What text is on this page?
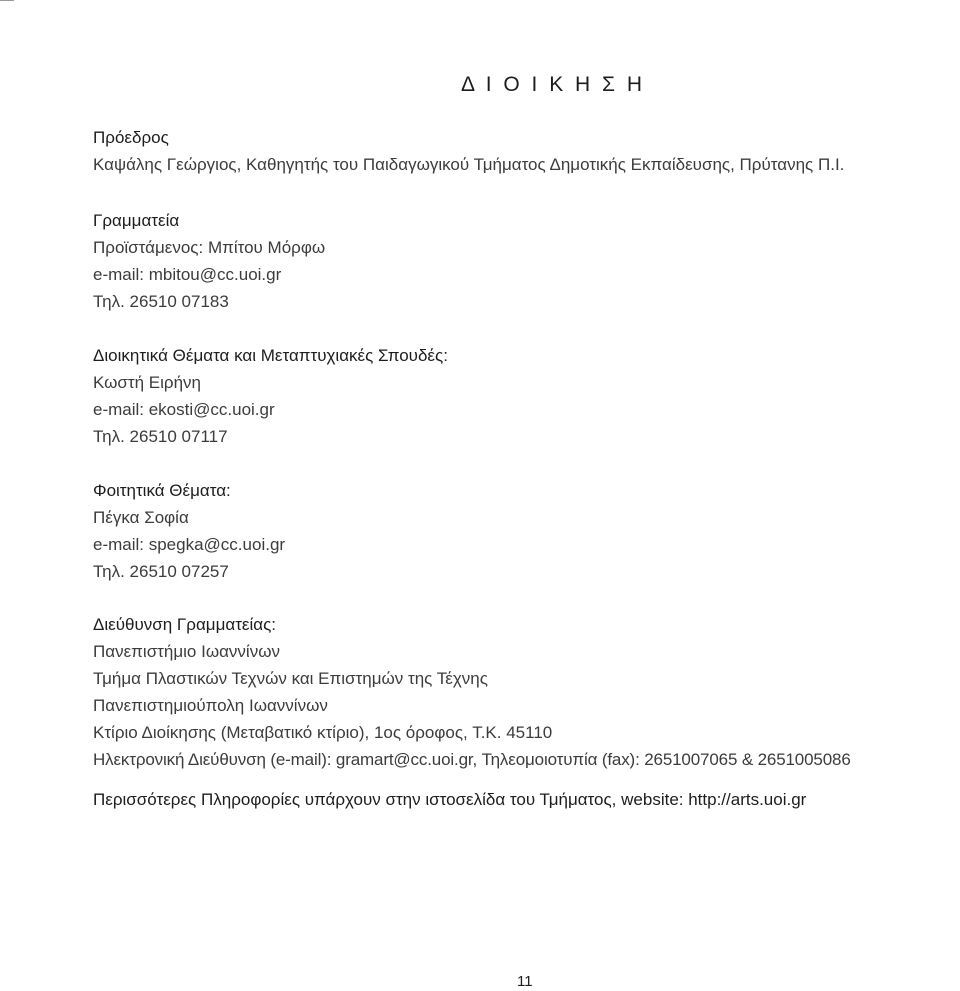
Δ Ι Ο Ι Κ Η Σ Η
Πρόεδρος
Καψάλης Γεώργιος, Καθηγητής του Παιδαγωγικού Τμήματος Δημοτικής Εκπαίδευσης, Πρύτανης Π.Ι.
Γραμματεία
Προϊστάμενος: Μπίτου Μόρφω
e-mail: mbitou@cc.uoi.gr
Τηλ. 26510 07183
Διοικητικά Θέματα και Μεταπτυχιακές Σπουδές:
Κωστή Ειρήνη
e-mail: ekosti@cc.uoi.gr
Τηλ. 26510 07117
Φοιτητικά Θέματα:
Πέγκα Σοφία
e-mail: spegka@cc.uoi.gr
Τηλ. 26510 07257
Διεύθυνση Γραμματείας:
Πανεπιστήμιο Ιωαννίνων
Τμήμα Πλαστικών Τεχνών και Επιστημών της Τέχνης
Πανεπιστημιούπολη Ιωαννίνων
Κτίριο Διοίκησης (Μεταβατικό κτίριο), 1ος όροφος, Τ.Κ. 45110
Ηλεκτρονική Διεύθυνση (e-mail): gramart@cc.uoi.gr, Τηλεομοιοτυπία (fax): 2651007065 & 2651005086
Περισσότερες Πληροφορίες υπάρχουν στην ιστοσελίδα του Τμήματος, website: http://arts.uoi.gr
11
